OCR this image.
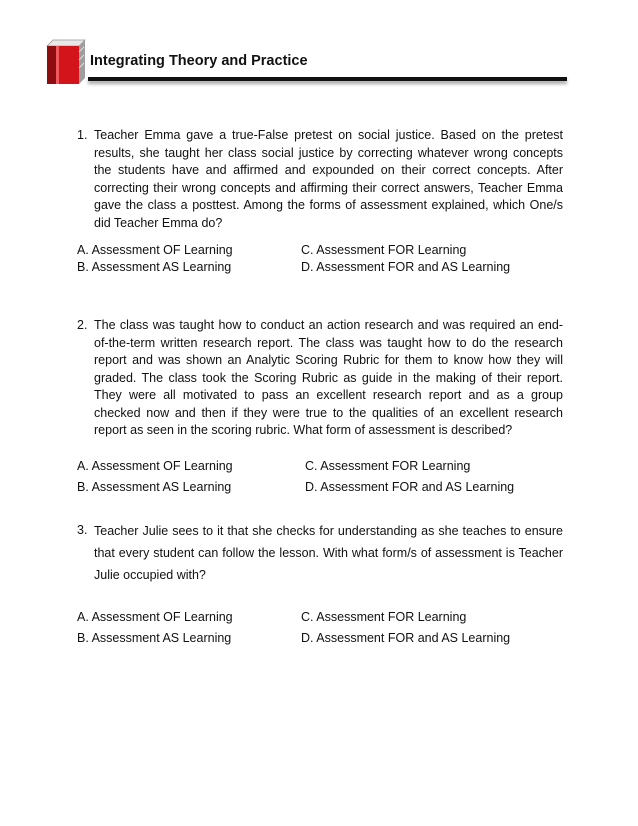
Integrating Theory and Practice
1. Teacher Emma gave a true-False pretest on social justice. Based on the pretest results, she taught her class social justice by correcting whatever wrong concepts the students have and affirmed and expounded on their correct concepts. After correcting their wrong concepts and affirming their correct answers, Teacher Emma gave the class a posttest. Among the forms of assessment explained, which One/s did Teacher Emma do?
A. Assessment OF Learning
B. Assessment AS Learning
C. Assessment FOR Learning
D. Assessment FOR and AS Learning
2. The class was taught how to conduct an action research and was required an end-of-the-term written research report. The class was taught how to do the research report and was shown an Analytic Scoring Rubric for them to know how they will graded. The class took the Scoring Rubric as guide in the making of their report. They were all motivated to pass an excellent research report and as a group checked now and then if they were true to the qualities of an excellent research report as seen in the scoring rubric. What form of assessment is described?
A. Assessment OF Learning
B. Assessment AS Learning
C. Assessment FOR Learning
D. Assessment FOR and AS Learning
3. Teacher Julie sees to it that she checks for understanding as she teaches to ensure that every student can follow the lesson. With what form/s of assessment is Teacher Julie occupied with?
A. Assessment OF Learning
B. Assessment AS Learning
C. Assessment FOR Learning
D. Assessment FOR and AS Learning
